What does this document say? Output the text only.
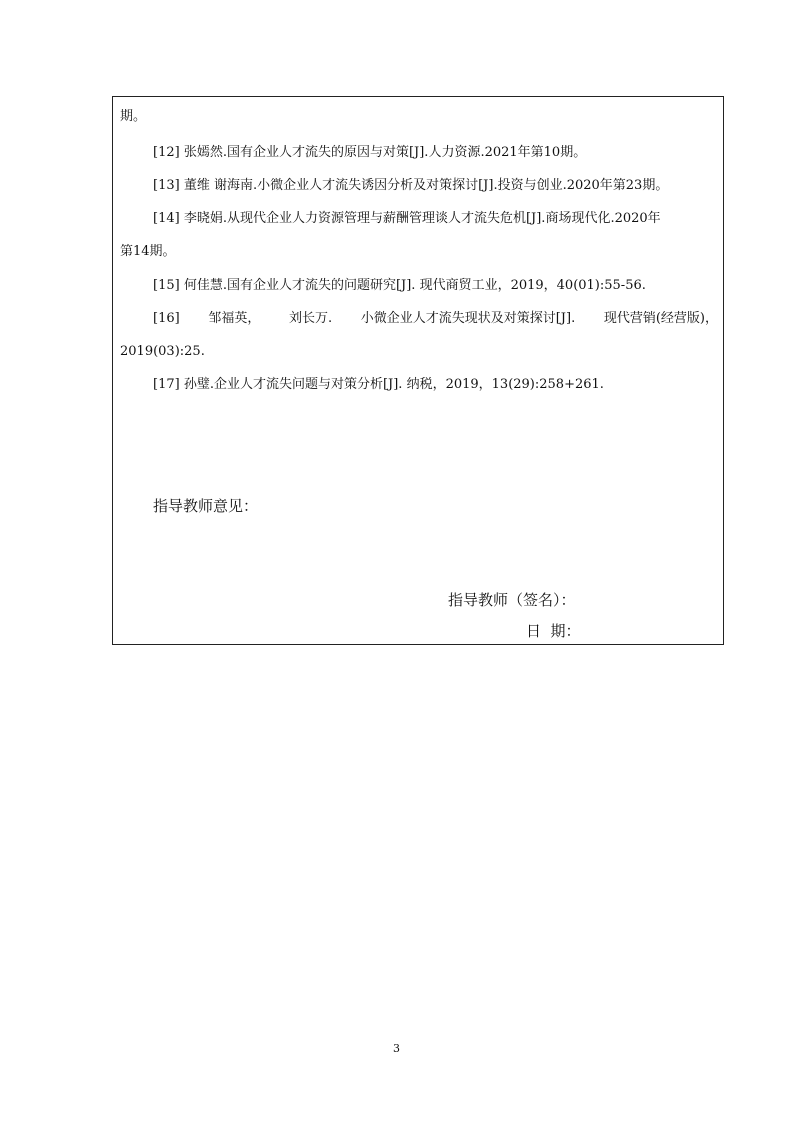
期。
[12] 张嫣然.国有企业人才流失的原因与对策[J].人力资源.2021年第10期。
[13] 董维 谢海南.小微企业人才流失诱因分析及对策探讨[J].投资与创业.2020年第23期。
[14] 李晓娟.从现代企业人力资源管理与薪酬管理谈人才流失危机[J].商场现代化.2020年
第14期。
[15] 何佳慧.国有企业人才流失的问题研究[J]. 现代商贸工业，2019，40(01):55-56.
[16] 邹福英， 刘长万. 小微企业人才流失现状及对策探讨[J]. 现代营销(经营版)，
2019(03):25.
[17] 孙璧.企业人才流失问题与对策分析[J]. 纳税，2019，13(29):258+261.
指导教师意见：
指导教师（签名）：
日  期：
3
